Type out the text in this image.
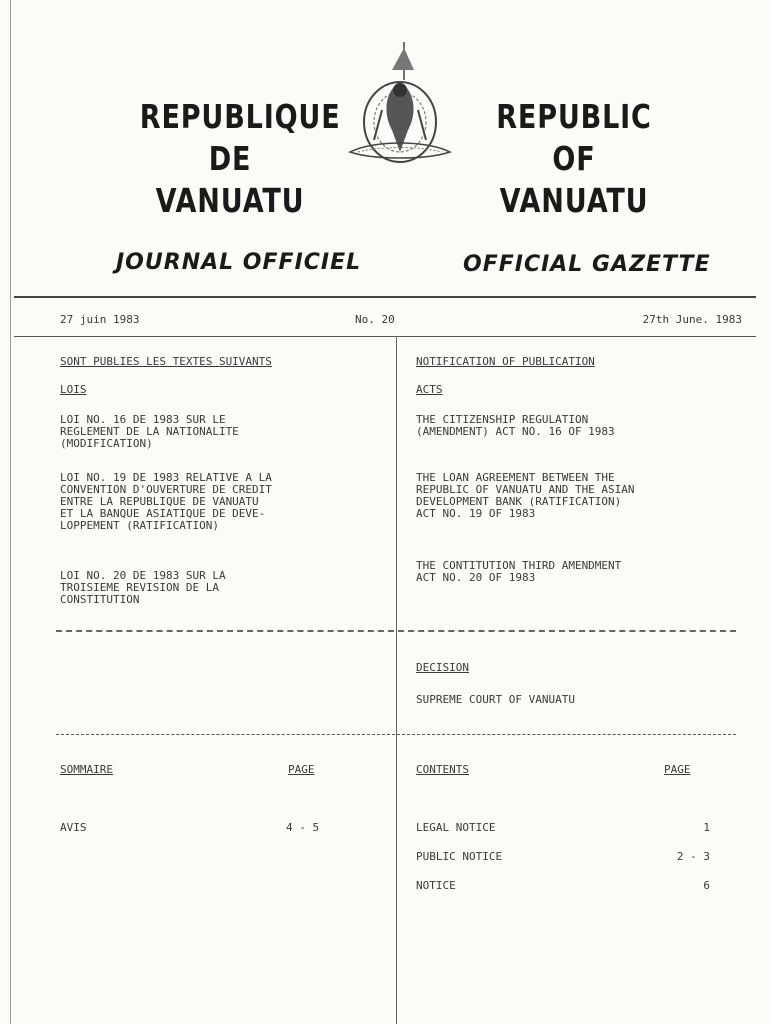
REPUBLIQUE
DE
VANUATU
REPUBLIC
OF
VANUATU
JOURNAL OFFICIEL	OFFICIAL GAZETTE
27 juin 1983	No. 20	27th June. 1983
SONT PUBLIES LES TEXTES SUIVANTS
LOIS
LOI NO. 16 DE 1983 SUR LE
REGLEMENT DE LA NATIONALITE
(MODIFICATION)
LOI NO. 19 DE 1983 RELATIVE A LA
CONVENTION D'OUVERTURE DE CREDIT
ENTRE LA REPUBLIQUE DE VANUATU
ET LA BANQUE ASIATIQUE DE DEVE-
LOPPEMENT (RATIFICATION)
LOI NO. 20 DE 1983 SUR LA
TROISIEME REVISION DE LA
CONSTITUTION
NOTIFICATION OF PUBLICATION
ACTS
THE CITIZENSHIP REGULATION
(AMENDMENT) ACT NO. 16 OF 1983
THE LOAN AGREEMENT BETWEEN THE
REPUBLIC OF VANUATU AND THE ASIAN
DEVELOPMENT BANK (RATIFICATION)
ACT NO. 19 OF 1983
THE CONTITUTION THIRD AMENDMENT
ACT NO. 20 OF 1983
DECISION
SUPREME COURT OF VANUATU
SOMMAIRE	PAGE
AVIS	4 - 5
CONTENTS	PAGE
LEGAL NOTICE	1
PUBLIC NOTICE	2 - 3
NOTICE	6
